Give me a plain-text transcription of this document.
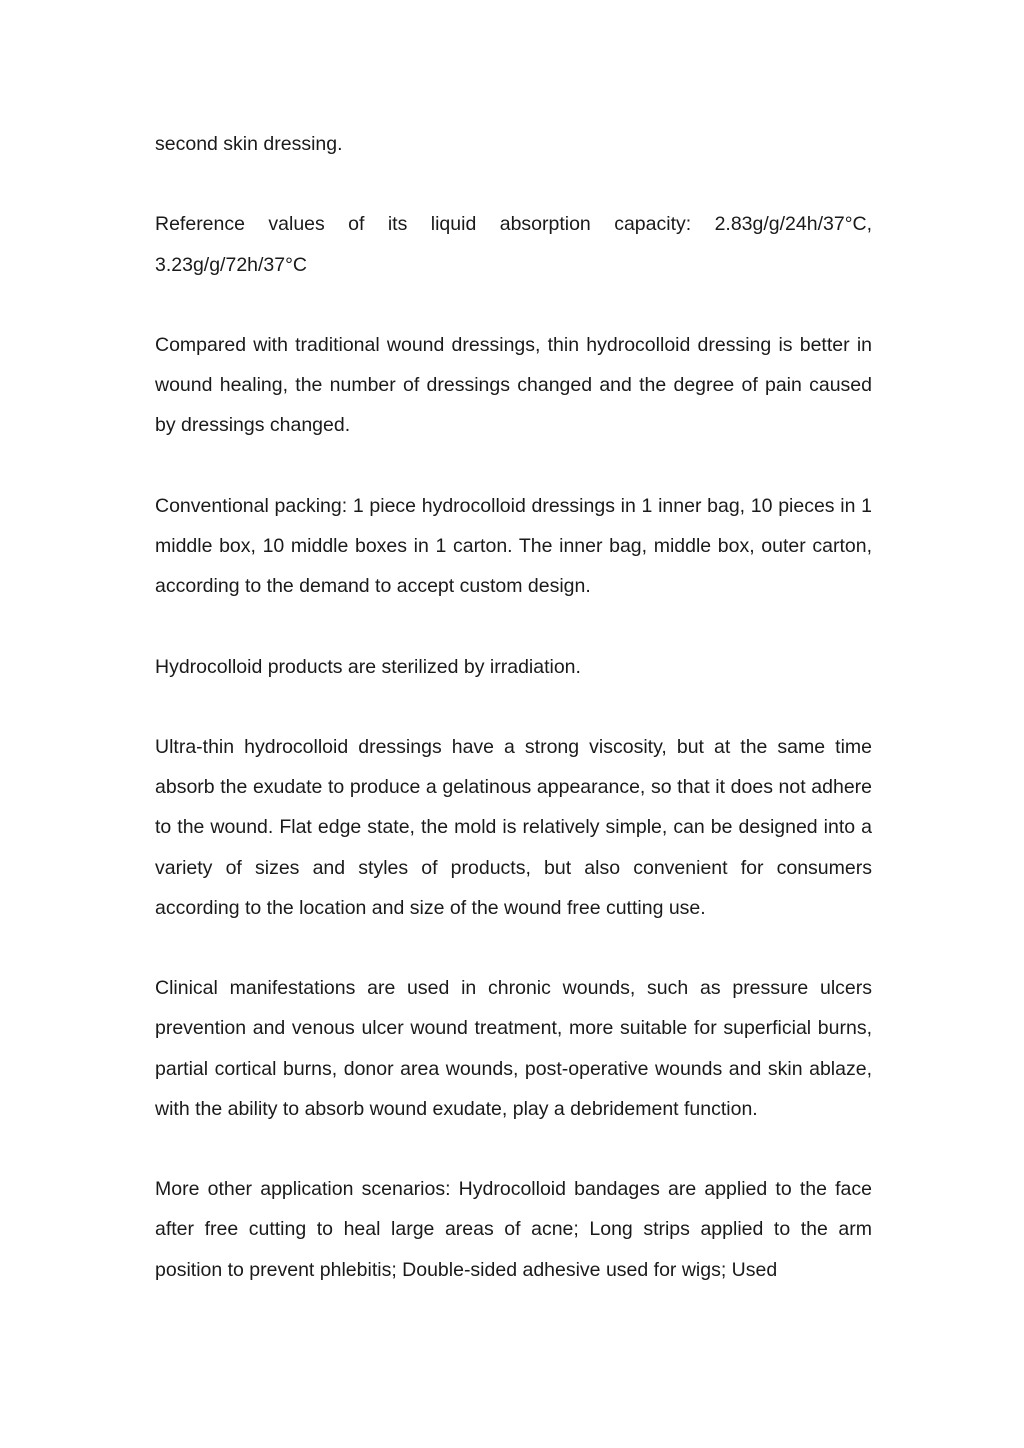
second skin dressing.

Reference values of its liquid absorption capacity: 2.83g/g/24h/37°C, 3.23g/g/72h/37°C

Compared with traditional wound dressings, thin hydrocolloid dressing is better in wound healing, the number of dressings changed and the degree of pain caused by dressings changed.

Conventional packing: 1 piece hydrocolloid dressings in 1 inner bag, 10 pieces in 1 middle box, 10 middle boxes in 1 carton. The inner bag, middle box, outer carton, according to the demand to accept custom design.

Hydrocolloid products are sterilized by irradiation.

Ultra-thin hydrocolloid dressings have a strong viscosity, but at the same time absorb the exudate to produce a gelatinous appearance, so that it does not adhere to the wound. Flat edge state, the mold is relatively simple, can be designed into a variety of sizes and styles of products, but also convenient for consumers according to the location and size of the wound free cutting use.

Clinical manifestations are used in chronic wounds, such as pressure ulcers prevention and venous ulcer wound treatment, more suitable for superficial burns, partial cortical burns, donor area wounds, post-operative wounds and skin ablaze, with the ability to absorb wound exudate, play a debridement function.

More other application scenarios: Hydrocolloid bandages are applied to the face after free cutting to heal large areas of acne; Long strips applied to the arm position to prevent phlebitis; Double-sided adhesive used for wigs; Used
